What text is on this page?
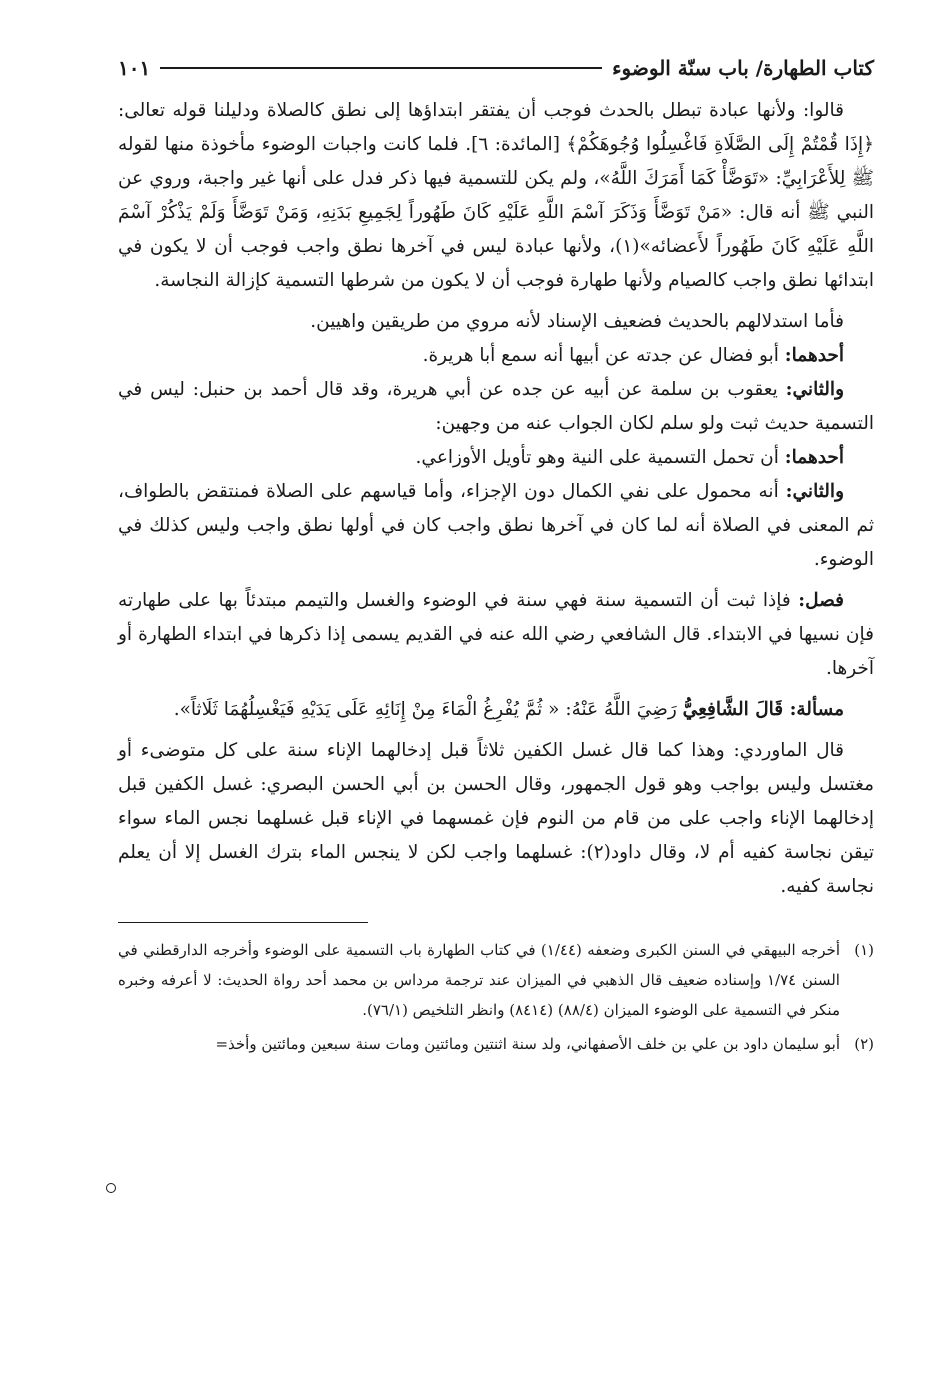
كتاب الطهارة/ باب سنّة الوضوء
١٠١

قالوا: ولأنها عبادة تبطل بالحدث فوجب أن يفتقر ابتداؤها إلى نطق كالصلاة ودليلنا قوله تعالى: ﴿إِذَا قُمْتُمْ إِلَى الصَّلَاةِ فَاغْسِلُوا وُجُوهَكُمْ﴾ [المائدة: ٦]. فلما كانت واجبات الوضوء مأخوذة منها لقوله ﷺ لِلأَعْرَابِيِّ: «تَوَضَّأْ كَمَا أَمَرَكَ اللَّهُ»، ولم يكن للتسمية فيها ذكر فدل على أنها غير واجبة، وروي عن النبي ﷺ أنه قال: «مَنْ تَوَضَّأَ وَذَكَرَ آسْمَ اللَّهِ عَلَيْهِ كَانَ طَهُوراً لِجَمِيعِ بَدَنِهِ، وَمَنْ تَوَضَّأَ وَلَمْ يَذْكُرْ آسْمَ اللَّهِ عَلَيْهِ كَانَ طَهُوراً لأَعضائه»(١)، ولأنها عبادة ليس في آخرها نطق واجب فوجب أن لا يكون في ابتدائها نطق واجب كالصيام ولأنها طهارة فوجب أن لا يكون من شرطها التسمية كإزالة النجاسة.

فأما استدلالهم بالحديث فضعيف الإسناد لأنه مروي من طريقين واهيين.

أحدهما: أبو فضال عن جدته عن أبيها أنه سمع أبا هريرة.

والثاني: يعقوب بن سلمة عن أبيه عن جده عن أبي هريرة، وقد قال أحمد بن حنبل: ليس في التسمية حديث ثبت ولو سلم لكان الجواب عنه من وجهين:

أحدهما: أن تحمل التسمية على النية وهو تأويل الأوزاعي.

والثاني: أنه محمول على نفي الكمال دون الإجزاء، وأما قياسهم على الصلاة فمنتقض بالطواف، ثم المعنى في الصلاة أنه لما كان في آخرها نطق واجب كان في أولها نطق واجب وليس كذلك في الوضوء.

فصل: فإذا ثبت أن التسمية سنة فهي سنة في الوضوء والغسل والتيمم مبتدئاً بها على طهارته فإن نسيها في الابتداء. قال الشافعي رضي الله عنه في القديم يسمى إذا ذكرها في ابتداء الطهارة أو آخرها.

مسألة: قَالَ الشَّافِعِيُّ رَضِيَ اللَّهُ عَنْهُ: « ثُمَّ يُفْرِغُ الْمَاءَ مِنْ إِنَائِهِ عَلَى يَدَيْهِ فَيَغْسِلُهُمَا ثَلَاثاً».

قال الماوردي: وهذا كما قال غسل الكفين ثلاثاً قبل إدخالهما الإناء سنة على كل متوضىء أو مغتسل وليس بواجب وهو قول الجمهور، وقال الحسن بن أبي الحسن البصري: غسل الكفين قبل إدخالهما الإناء واجب على من قام من النوم فإن غمسهما في الإناء قبل غسلهما نجس الماء سواء تيقن نجاسة كفيه أم لا، وقال داود(٢): غسلهما واجب لكن لا ينجس الماء بترك الغسل إلا أن يعلم نجاسة كفيه.

(١)
أخرجه البيهقي في السنن الكبرى وضعفه (١/٤٤) في كتاب الطهارة باب التسمية على الوضوء وأخرجه الدارقطني في السنن ١/٧٤ وإسناده ضعيف قال الذهبي في الميزان عند ترجمة مرداس بن محمد أحد رواة الحديث: لا أعرفه وخبره منكر في التسمية على الوضوء الميزان (٨٨/٤) (٨٤١٤) وانظر التلخيص (٧٦/١).
(٢)
أبو سليمان داود بن علي بن خلف الأصفهاني، ولد سنة اثنتين ومائتين ومات سنة سبعين ومائتين وأخذ=
